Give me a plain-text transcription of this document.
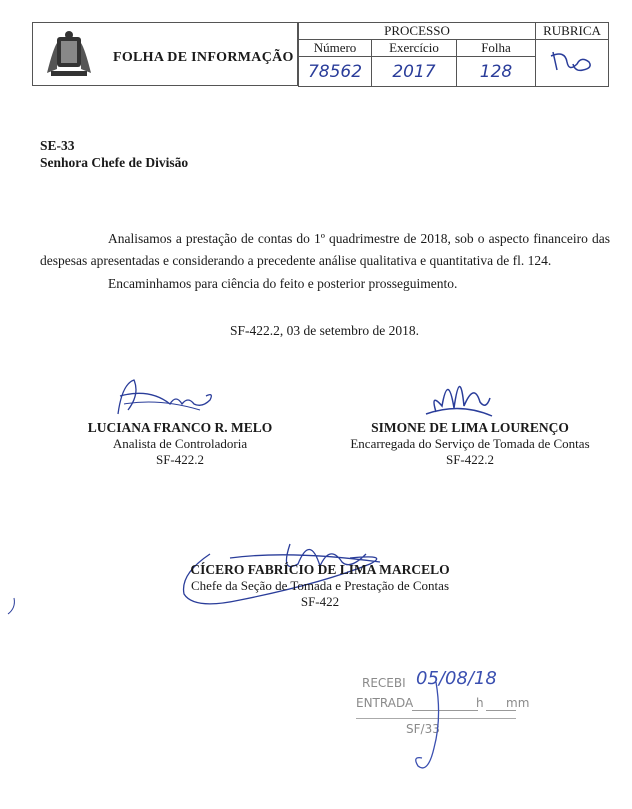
FOLHA DE INFORMAÇÃO
PROCESSO			RUBRICA
Número	Exercício	Folha	
78562	2017	128	
SE-33
Senhora Chefe de Divisão
Analisamos a prestação de contas do 1º quadrimestre de 2018, sob o aspecto financeiro das despesas apresentadas e considerando a precedente análise qualitativa e quantitativa de fl. 124.
Encaminhamos para ciência do feito e posterior prosseguimento.
SF-422.2, 03 de setembro de 2018.
LUCIANA FRANCO R. MELO
Analista de Controladoria
SF-422.2
SIMONE DE LIMA LOURENÇO
Encarregada do Serviço de Tomada de Contas
SF-422.2
CÍCERO FABRÍCIO DE LIMA MARCELO
Chefe da Seção de Tomada e Prestação de Contas
SF-422
RECEBI 05/08/18
ENTRADA	h mm
SF/33
